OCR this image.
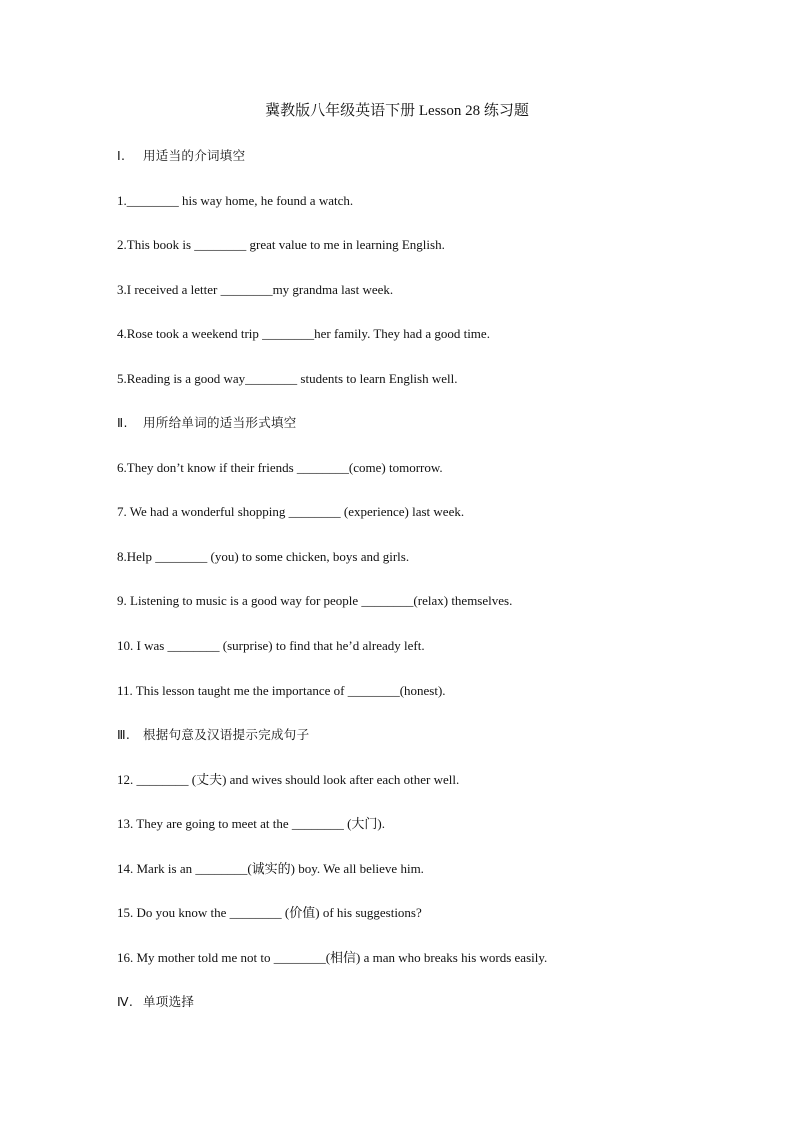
冀教版八年级英语下册 Lesson 28 练习题
Ⅰ. 用适当的介词填空
1.________ his way home, he found a watch.
2.This book is ________ great value to me in learning English.
3.I received a letter ________my grandma last week.
4.Rose took a weekend trip ________her family. They had a good time.
5.Reading is a good way________ students to learn English well.
Ⅱ. 用所给单词的适当形式填空
6.They don’t know if their friends ________(come) tomorrow.
7. We had a wonderful shopping ________ (experience) last week.
8.Help ________ (you) to some chicken, boys and girls.
9. Listening to music is a good way for people ________(relax) themselves.
10. I was ________ (surprise) to find that he’d already left.
11. This lesson taught me the importance of ________(honest).
Ⅲ. 根据句意及汉语提示完成句子
12. ________ (丈夫) and wives should look after each other well.
13. They are going to meet at the ________ (大门).
14. Mark is an ________(诚实的) boy. We all believe him.
15. Do you know the ________ (价值) of his suggestions?
16. My mother told me not to ________(相信) a man who breaks his words easily.
Ⅳ. 单项选择
